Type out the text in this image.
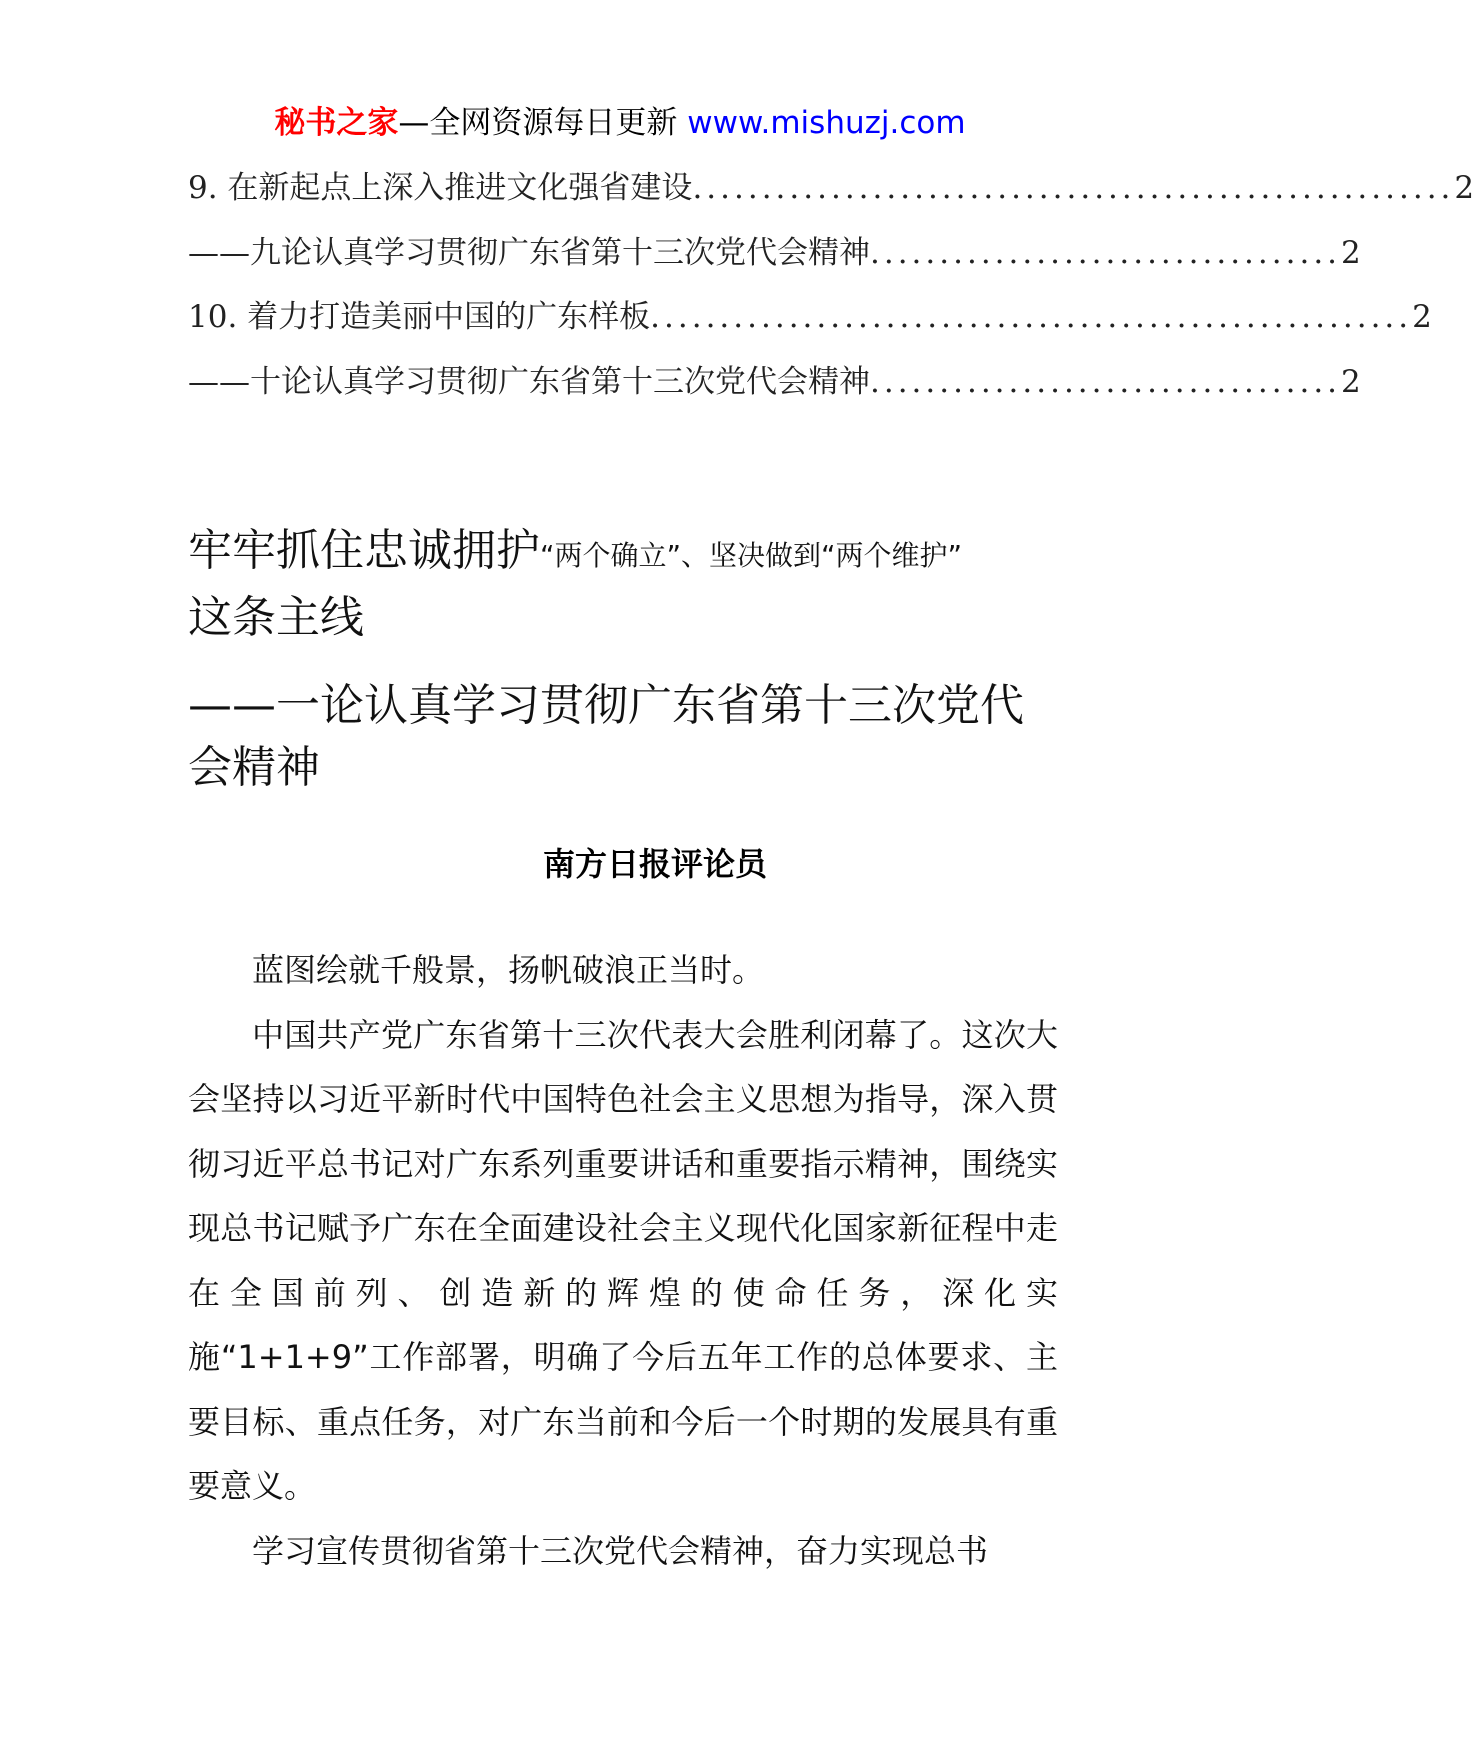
秘书之家—全网资源每日更新 www.mishuzj.com
9. 在新起点上深入推进文化强省建设.......................................................2
——九论认真学习贯彻广东省第十三次党代会精神..................................2
10. 着力打造美丽中国的广东样板.......................................................2
——十论认真学习贯彻广东省第十三次党代会精神..................................2
牢牢抓住忠诚拥护“两个确立”、坚决做到“两个维护”
这条主线
——一论认真学习贯彻广东省第十三次党代会精神
南方日报评论员

蓝图绘就千般景，扬帆破浪正当时。

中国共产党广东省第十三次代表大会胜利闭幕了。这次大会坚持以习近平新时代中国特色社会主义思想为指导，深入贯彻习近平总书记对广东系列重要讲话和重要指示精神，围绕实现总书记赋予广东在全面建设社会主义现代化国家新征程中走在全国前列、创造新的辉煌的使命任务，深化实施“1+1+9”工作部署，明确了今后五年工作的总体要求、主要目标、重点任务，对广东当前和今后一个时期的发展具有重要意义。

学习宣传贯彻省第十三次党代会精神，奋力实现总书
